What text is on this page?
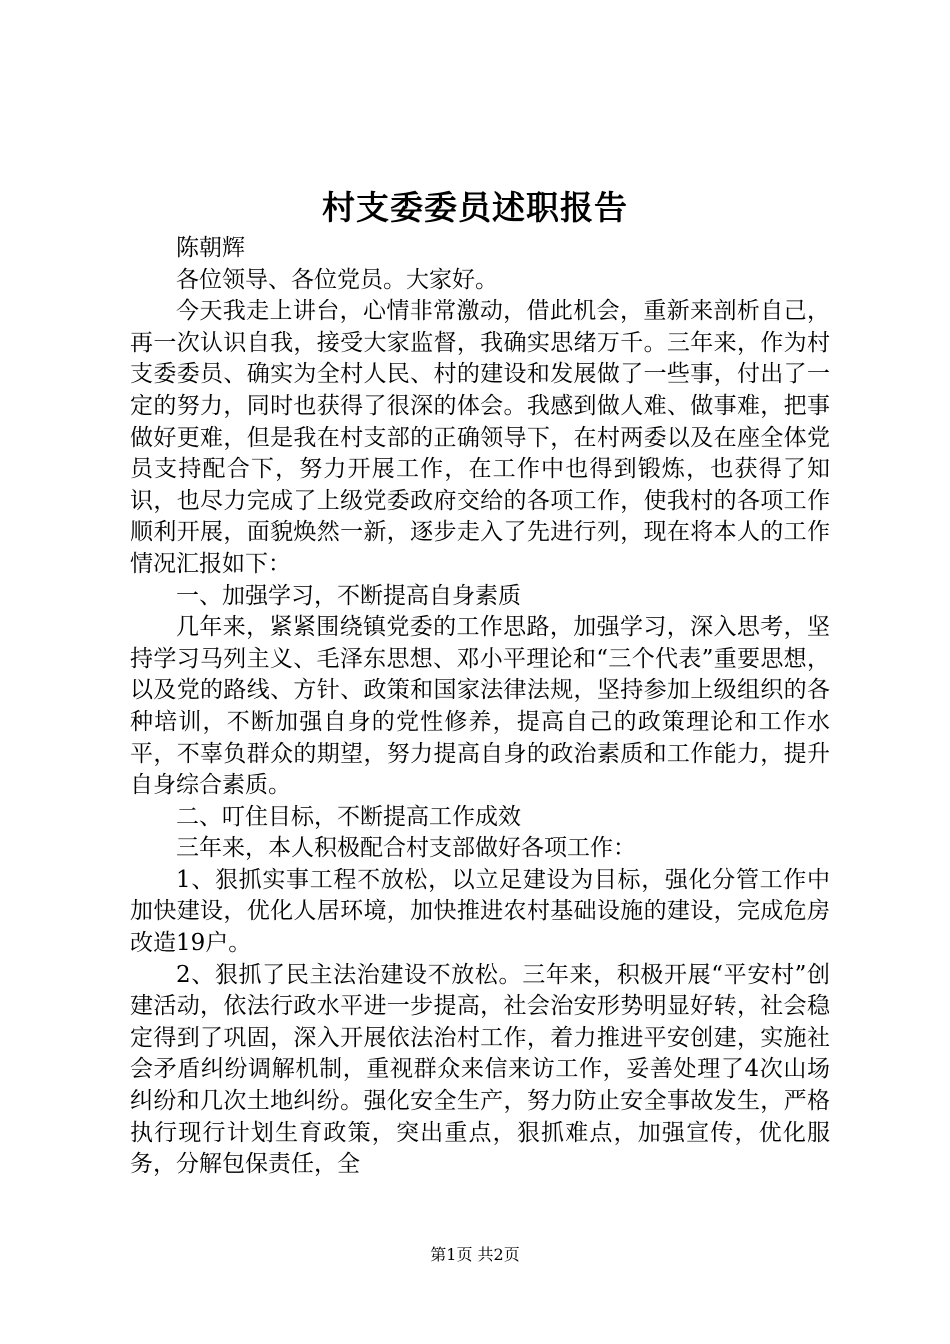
村支委委员述职报告

陈朝辉

各位领导、各位党员。大家好。

今天我走上讲台，心情非常激动，借此机会，重新来剖析自己，再一次认识自我，接受大家监督，我确实思绪万千。三年来，作为村支委委员、确实为全村人民、村的建设和发展做了一些事，付出了一定的努力，同时也获得了很深的体会。我感到做人难、做事难，把事做好更难，但是我在村支部的正确领导下，在村两委以及在座全体党员支持配合下，努力开展工作，在工作中也得到锻炼，也获得了知识，也尽力完成了上级党委政府交给的各项工作，使我村的各项工作顺利开展，面貌焕然一新，逐步走入了先进行列，现在将本人的工作情况汇报如下：

一、加强学习，不断提高自身素质

几年来，紧紧围绕镇党委的工作思路，加强学习，深入思考，坚持学习马列主义、毛泽东思想、邓小平理论和“三个代表”重要思想，以及党的路线、方针、政策和国家法律法规，坚持参加上级组织的各种培训，不断加强自身的党性修养，提高自己的政策理论和工作水平，不辜负群众的期望，努力提高自身的政治素质和工作能力，提升自身综合素质。

二、叮住目标，不断提高工作成效

三年来，本人积极配合村支部做好各项工作：

1、狠抓实事工程不放松，以立足建设为目标，强化分管工作中加快建设，优化人居环境，加快推进农村基础设施的建设，完成危房改造19户。

2、狠抓了民主法治建设不放松。三年来，积极开展“平安村”创建活动，依法行政水平进一步提高，社会治安形势明显好转，社会稳定得到了巩固，深入开展依法治村工作，着力推进平安创建，实施社会矛盾纠纷调解机制，重视群众来信来访工作，妥善处理了4次山场纠纷和几次土地纠纷。强化安全生产，努力防止安全事故发生，严格执行现行计划生育政策，突出重点，狠抓难点，加强宣传，优化服务，分解包保责任，全

第1页 共2页
